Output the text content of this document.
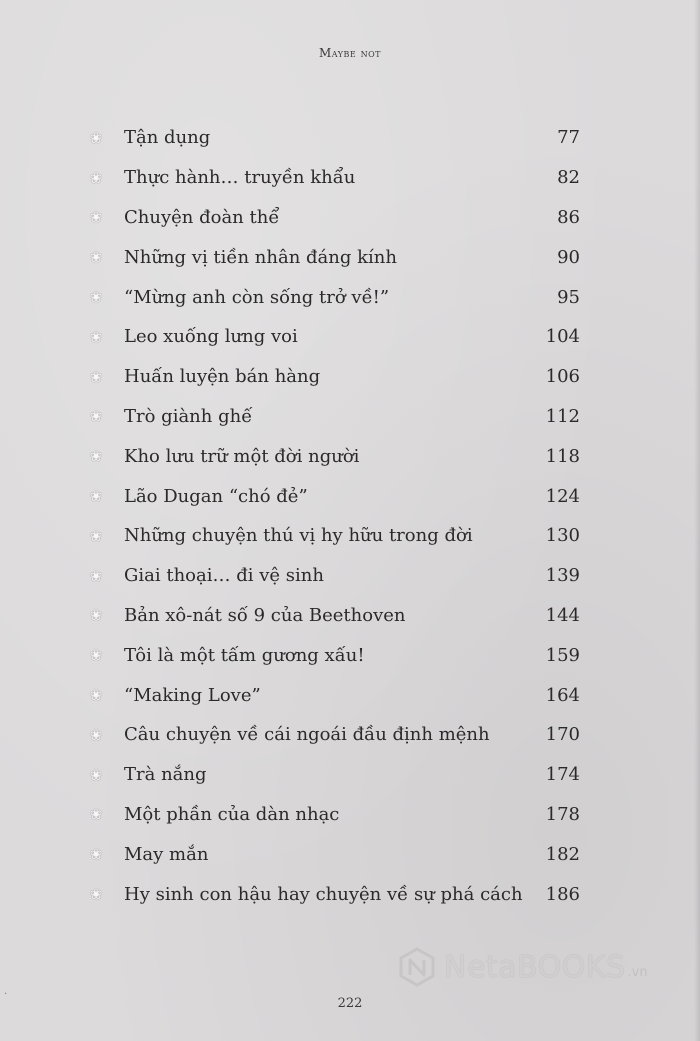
Maybe not
❀ Tận dụng	77
❀ Thực hành… truyền khẩu	82
❀ Chuyện đoàn thể	86
❀ Những vị tiền nhân đáng kính	90
❀ “Mừng anh còn sống trở về!”	95
❀ Leo xuống lưng voi	104
❀ Huấn luyện bán hàng	106
❀ Trò giành ghế	112
❀ Kho lưu trữ một đời người	118
❀ Lão Dugan “chó đẻ”	124
❀ Những chuyện thú vị hy hữu trong đời	130
❀ Giai thoại… đi vệ sinh	139
❀ Bản xô-nát số 9 của Beethoven	144
❀ Tôi là một tấm gương xấu!	159
❀ “Making Love”	164
❀ Câu chuyện về cái ngoái đầu định mệnh	170
❀ Trà nắng	174
❀ Một phần của dàn nhạc	178
❀ May mắn	182
❀ Hy sinh con hậu hay chuyện về sự phá cách 186
222
NetaBOOKS .vn
·
